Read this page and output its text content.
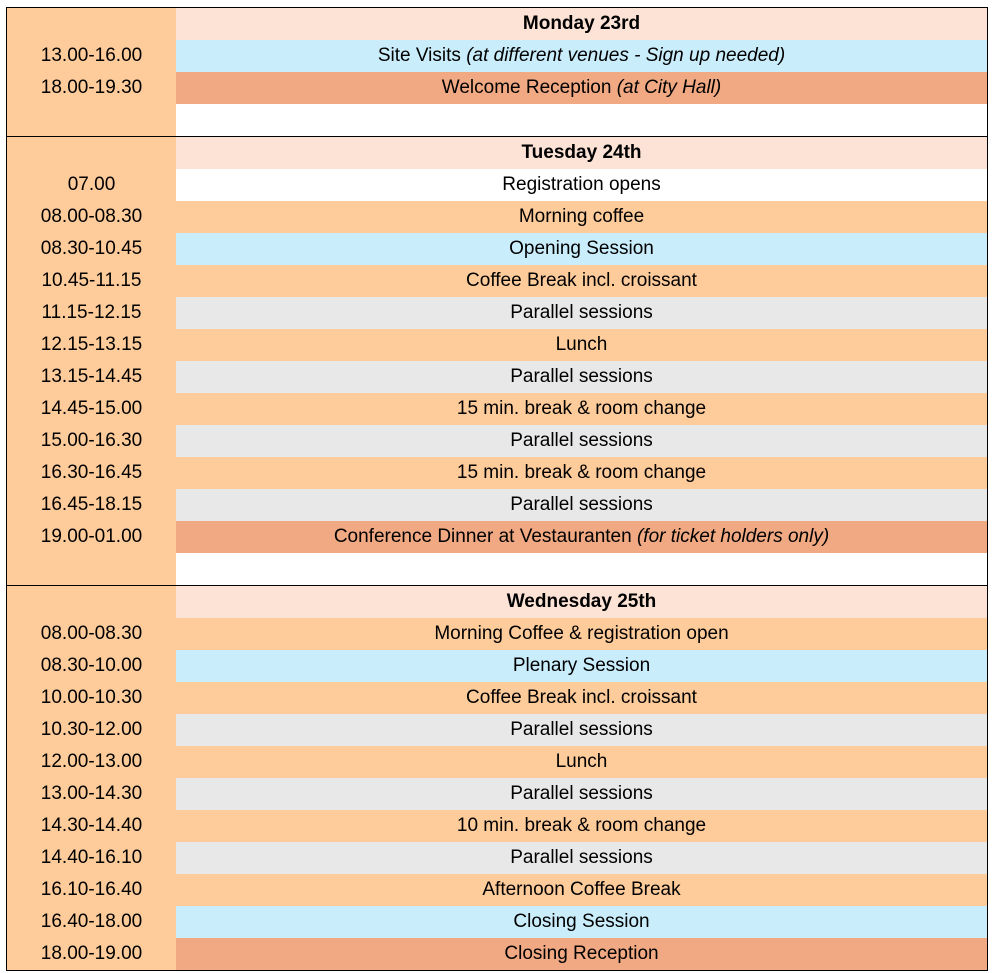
Monday 23rd
13.00-16.00	Site Visits (at different venues - Sign up needed)
18.00-19.30	Welcome Reception (at City Hall)
Tuesday 24th
07.00	Registration opens
08.00-08.30	Morning coffee
08.30-10.45	Opening Session
10.45-11.15	Coffee Break incl. croissant
11.15-12.15	Parallel sessions
12.15-13.15	Lunch
13.15-14.45	Parallel sessions
14.45-15.00	15 min. break & room change
15.00-16.30	Parallel sessions
16.30-16.45	15 min. break & room change
16.45-18.15	Parallel sessions
19.00-01.00	Conference Dinner at Vestauranten (for ticket holders only)
Wednesday 25th
08.00-08.30	Morning Coffee & registration open
08.30-10.00	Plenary Session
10.00-10.30	Coffee Break incl. croissant
10.30-12.00	Parallel sessions
12.00-13.00	Lunch
13.00-14.30	Parallel sessions
14.30-14.40	10 min. break & room change
14.40-16.10	Parallel sessions
16.10-16.40	Afternoon Coffee Break
16.40-18.00	Closing Session
18.00-19.00	Closing Reception
